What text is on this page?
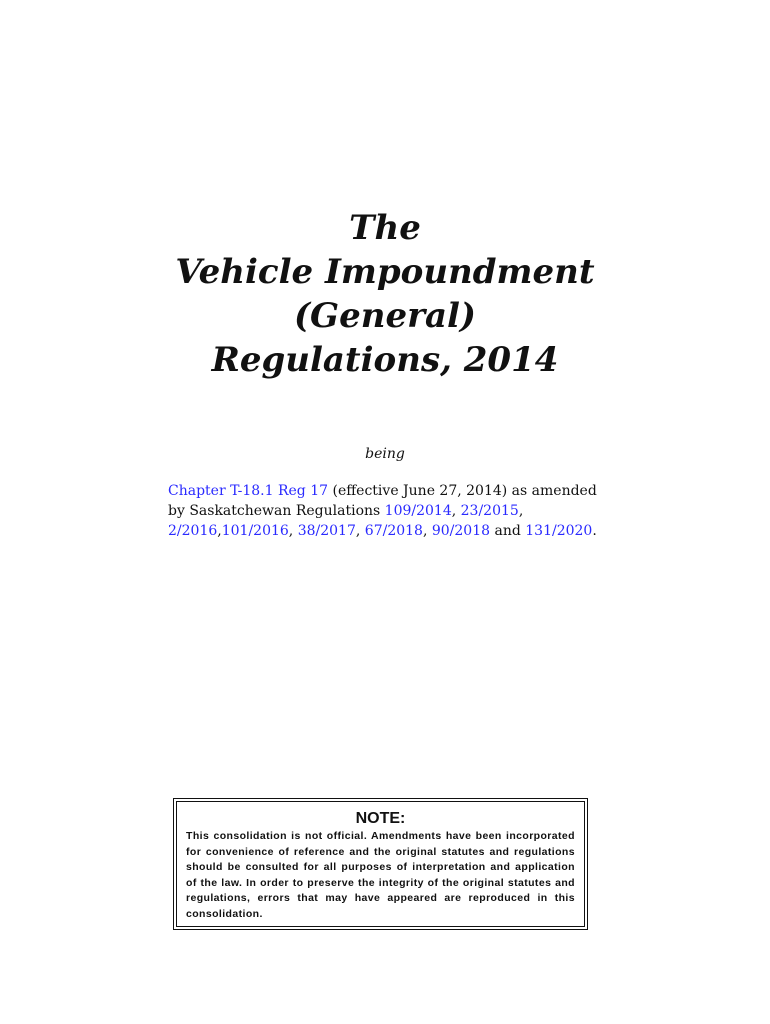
The
Vehicle Impoundment
(General)
Regulations, 2014
being
Chapter T-18.1 Reg 17 (effective June 27, 2014) as amended by Saskatchewan Regulations 109/2014, 23/2015, 2/2016,101/2016, 38/2017, 67/2018, 90/2018 and 131/2020.
NOTE:
This consolidation is not official. Amendments have been incorporated for convenience of reference and the original statutes and regulations should be consulted for all purposes of interpretation and application of the law. In order to preserve the integrity of the original statutes and regulations, errors that may have appeared are reproduced in this consolidation.
